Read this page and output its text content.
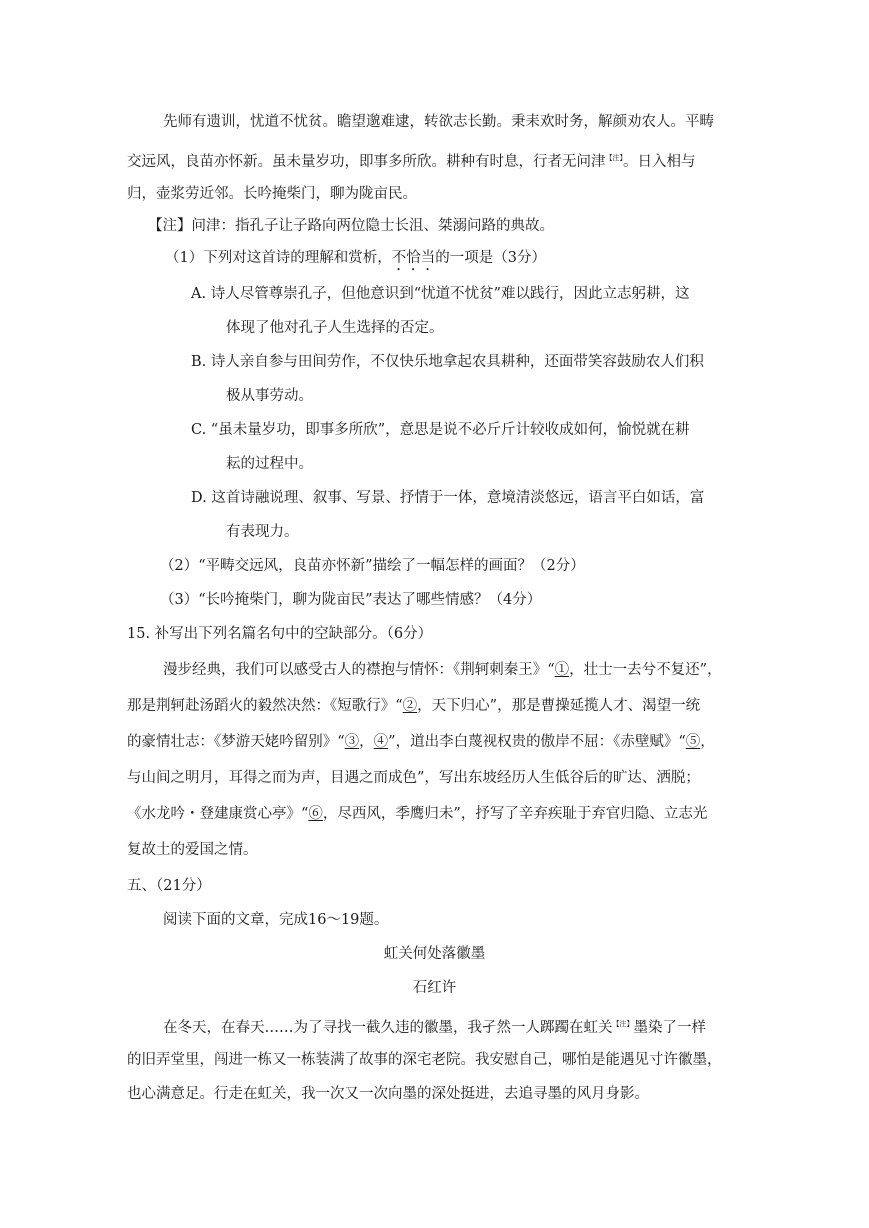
先师有遗训，忧道不忧贫。瞻望邈难逮，转欲志长勤。秉耒欢时务，解颜劝农人。平畴
交远风，良苗亦怀新。虽未量岁功，即事多所欣。耕种有时息，行者无问津$^{【注】}$。日入相与
归，壶浆劳近邻。长吟掩柴门，聊为陇亩民。
【注】问津：指孔子让子路向两位隐士长沮、桀溺问路的典故。
（1）下列对这首诗的理解和赏析，不恰当的一项是（3分）
A. 诗人尽管尊崇孔子，但他意识到“忧道不忧贫”难以践行，因此立志躬耕，这
体现了他对孔子人生选择的否定。
B. 诗人亲自参与田间劳作，不仅快乐地拿起农具耕种，还面带笑容鼓励农人们积
极从事劳动。
C. “虽未量岁功，即事多所欣”，意思是说不必斤斤计较收成如何，愉悦就在耕
耘的过程中。
D. 这首诗融说理、叙事、写景、抒情于一体，意境清淡悠远，语言平白如话，富
有表现力。
（2）“平畴交远风，良苗亦怀新”描绘了一幅怎样的画面？（2分）
（3）“长吟掩柴门，聊为陇亩民”表达了哪些情感？（4分）
15. 补写出下列名篇名句中的空缺部分。（6分）
漫步经典，我们可以感受古人的襟抱与情怀：《荆轲刺秦王》“①，壮士一去兮不复还”，
那是荆轲赴汤蹈火的毅然决然：《短歌行》“②，天下归心”，那是曹操延揽人才、渴望一统
的豪情壮志：《梦游天姥吟留别》“③，④”，道出李白蔑视权贵的傲岸不屈：《赤壁赋》“⑤，
与山间之明月，耳得之而为声，目遇之而成色”，写出东坡经历人生低谷后的旷达、洒脱；
《水龙吟・登建康赏心亭》“⑥，尽西风，季鹰归未”，抒写了辛弃疾耻于弃官归隐、立志光
复故土的爱国之情。
五、（21分）
阅读下面的文章，完成16～19题。
虹关何处落徽墨
石红许
在冬天，在春天……为了寻找一截久违的徽墨，我孑然一人踯躅在虹关$^{【注】}$墨染了一样
的旧弄堂里，闯进一栋又一栋装满了故事的深宅老院。我安慰自己，哪怕是能遇见寸许徽墨，
也心满意足。行走在虹关，我一次又一次向墨的深处挺进，去追寻墨的风月身影。
